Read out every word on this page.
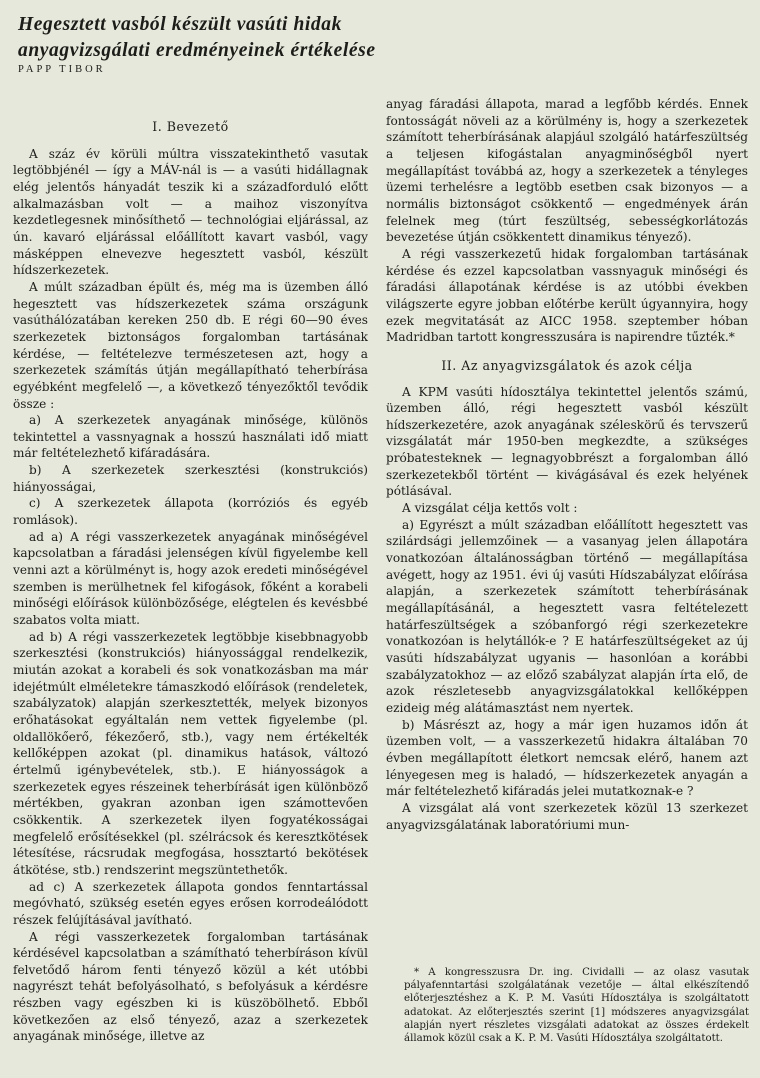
Hegesztett vasból készült vasúti hidak
anyagvizsgálati eredményeinek értékelése
PAPP TIBOR
I. Bevezető

A száz év körüli múltra visszatekinthető vasutak legtöbbjénél — így a MÁV-nál is — a vasúti hidállagnak elég jelentős hányadát teszik ki a századforduló előtt alkalmazásban volt — a maihoz viszonyítva kezdetlegesnek minősíthető — technológiai eljárással, az ún. kavaró eljárással előállított kavart vasból, vagy másképpen elnevezve hegesztett vasból, készült hídszerkezetek.

A múlt században épült és, még ma is üzemben álló hegesztett vas hídszerkezetek száma országunk vasúthálózatában kereken 250 db. E régi 60—90 éves szerkezetek biztonságos forgalomban tartásának kérdése, — feltételezve természetesen azt, hogy a szerkezetek számítás útján megállapítható teherbírása egyébként megfelelő —, a következő tényezőktől tevődik össze :

a) A szerkezetek anyagának minősége, különös tekintettel a vassnyagnak a hosszú használati idő miatt már feltételezhető kifáradására.

b) A szerkezetek szerkesztési (konstrukciós) hiányosságai,

c) A szerkezetek állapota (korróziós és egyéb romlások).

ad a) A régi vasszerkezetek anyagának minőségével kapcsolatban a fáradási jelenségen kívül figyelembe kell venni azt a körülményt is, hogy azok eredeti minőségével szemben is merülhetnek fel kifogások, főként a korabeli minőségi előírások különbözősége, elégtelen és kevésbbé szabatos volta miatt.

ad b) A régi vasszerkezetek legtöbbje kisebbnagyobb szerkesztési (konstrukciós) hiányossággal rendelkezik, miután azokat a korabeli és sok vonatkozásban ma már idejétmúlt elméletekre támaszkodó előírások (rendeletek, szabályzatok) alapján szerkesztették, melyek bizonyos erőhatásokat egyáltalán nem vettek figyelembe (pl. oldallökőerő, fékezőerő, stb.), vagy nem értékelték kellőképpen azokat (pl. dinamikus hatások, változó értelmű igénybevételek, stb.). E hiányosságok a szerkezetek egyes részeinek teherbírását igen különböző mértékben, gyakran azonban igen számottevően csökkentik. A szerkezetek ilyen fogyatékosságai megfelelő erősítésekkel (pl. szélrácsok és keresztkötések létesítése, rácsrudak megfogása, hossztartó bekötések átkötése, stb.) rendszerint megszüntethetők.

ad c) A szerkezetek állapota gondos fenntartással megóvható, szükség esetén egyes erősen korrodeálódott részek felújításával javítható.

A régi vasszerkezetek forgalomban tartásának kérdésével kapcsolatban a számítható teherbíráson kívül felvetődő három fenti tényező közül a két utóbbi nagyrészt tehát befolyásolható, s befolyásuk a kérdésre részben vagy egészben ki is küszöbölhető. Ebből következően az első tényező, azaz a szerkezetek anyagának minősége, illetve az

anyag fáradási állapota, marad a legfőbb kérdés. Ennek fontosságát növeli az a körülmény is, hogy a szerkezetek számított teherbírásának alapjául szolgáló határfeszültség a teljesen kifogástalan anyagminőségből nyert megállapítást továbbá az, hogy a szerkezetek a tényleges üzemi terhelésre a legtöbb esetben csak bizonyos — a normális biztonságot csökkentő — engedmények árán felelnek meg (túrt feszültség, sebességkorlátozás bevezetése útján csökkentett dinamikus tényező).

A régi vasszerkezetű hidak forgalomban tartásának kérdése és ezzel kapcsolatban vassnyaguk minőségi és fáradási állapotának kérdése is az utóbbi években világszerte egyre jobban előtérbe került úgyannyira, hogy ezek megvitatását az AICC 1958. szeptember hóban Madridban tartott kongresszusára is napirendre tűzték.*

II. Az anyagvizsgálatok és azok célja

A KPM vasúti hídosztálya tekintettel jelentős számú, üzemben álló, régi hegesztett vasból készült hídszerkezetére, azok anyagának széleskörű és tervszerű vizsgálatát már 1950-ben megkezdte, a szükséges próbatesteknek — legnagyobbrészt a forgalomban álló szerkezetekből történt — kivágásával és ezek helyének pótlásával.

A vizsgálat célja kettős volt :

a) Egyrészt a múlt században előállított hegesztett vas szilárdsági jellemzőinek — a vasanyag jelen állapotára vonatkozóan általánosságban történő — megállapítása avégett, hogy az 1951. évi új vasúti Hídszabályzat előírása alapján, a szerkezetek számított teherbírásának megállapításánál, a hegesztett vasra feltételezett határfeszültségek a szóbanforgó régi szerkezetekre vonatkozóan is helytállók-e ? E határfeszültségeket az új vasúti hídszabályzat ugyanis — hasonlóan a korábbi szabályzatokhoz — az előző szabályzat alapján írta elő, de azok részletesebb anyagvizsgálatokkal kellőképpen ezideig még alátámasztást nem nyertek.

b) Másrészt az, hogy a már igen huzamos időn át üzemben volt, — a vasszerkezetű hidakra általában 70 évben megállapított életkort nemcsak elérő, hanem azt lényegesen meg is haladó, — hídszerkezetek anyagán a már feltételezhető kifáradás jelei mutatkoznak-e ?

A vizsgálat alá vont szerkezetek közül 13 szerkezet anyagvizsgálatának laboratóriumi mun-

* A kongresszusra Dr. ing. Cividalli — az olasz vasutak pályafenntartási szolgálatának vezetője — által elkészítendő előterjesztéshez a K. P. M. Vasúti Hídosztálya is szolgáltatott adatokat. Az előterjesztés szerint [1] módszeres anyagvizsgálat alapján nyert részletes vizsgálati adatokat az összes érdekelt államok közül csak a K. P. M. Vasúti Hídosztálya szolgáltatott.
